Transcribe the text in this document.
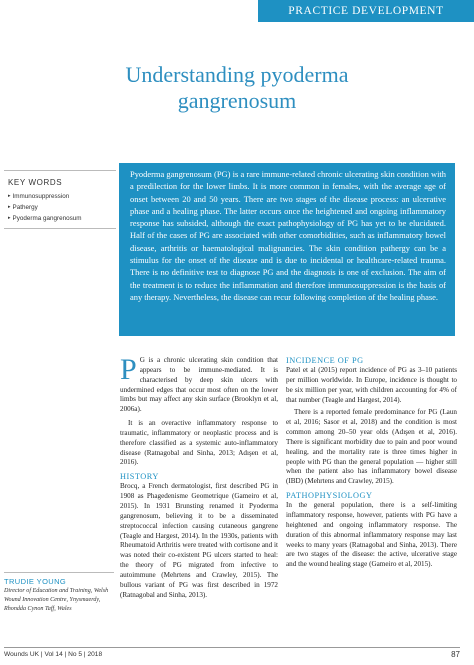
PRACTICE DEVELOPMENT
Understanding pyoderma
gangrenosum
KEY WORDS
▸ Immunosuppression
▸ Pathergy
▸ Pyoderma gangrenosum
Pyoderma gangrenosum (PG) is a rare immune-related chronic ulcerating skin condition with a predilection for the lower limbs. It is more common in females, with the average age of onset between 20 and 50 years. There are two stages of the disease process: an ulcerative phase and a healing phase. The latter occurs once the heightened and ongoing inflammatory response has subsided, although the exact pathophysiology of PG has yet to be elucidated. Half of the cases of PG are associated with other comorbidities, such as inflammatory bowel disease, arthritis or haematological malignancies. The skin condition pathergy can be a stimulus for the onset of the disease and is due to incidental or healthcare-related trauma. There is no definitive test to diagnose PG and the diagnosis is one of exclusion. The aim of the treatment is to reduce the inflammation and therefore immunosuppression is the basis of any therapy. Nevertheless, the disease can recur following completion of the healing phase.

P G is a chronic ulcerating skin condition that appears to be immune-mediated. It is characterised by deep skin ulcers with undermined edges that occur most often on the lower limbs but may affect any skin surface (Brooklyn et al, 2006a).

It is an overactive inflammatory response to traumatic, inflammatory or neoplastic process and is therefore classified as a systemic auto-inflammatory disease (Ratnagobal and Sinha, 2013; Adışen et al, 2016).

HISTORY

Brocq, a French dermatologist, first described PG in 1908 as Phagedenisme Geometrique (Gameiro et al, 2015). In 1931 Brunsting renamed it Pyoderma gangrenosum, believing it to be a disseminated streptococcal infection causing cutaneous gangrene (Teagle and Hargest, 2014). In the 1930s, patients with Rheumatoid Arthritis were treated with cortisone and it was noted their co-existent PG ulcers started to heal: the theory of PG migrated from infective to autoimmune (Mehrtens and Crawley, 2015). The bullous variant of PG was first described in 1972 (Ratnagobal and Sinha, 2013).

INCIDENCE OF PG

Patel et al (2015) report incidence of PG as 3–10 patients per million worldwide. In Europe, incidence is thought to be six million per year, with children accounting for 4% of that number (Teagle and Hargest, 2014).

There is a reported female predominance for PG (Laun et al, 2016; Sasor et al, 2018) and the condition is most common among 20–50 year olds (Adışen et al, 2016). There is significant morbidity due to pain and poor wound healing, and the mortality rate is three times higher in people with PG than the general population — higher still when the patient also has inflammatory bowel disease (IBD) (Mehrtens and Crawley, 2015).

PATHOPHYSIOLOGY

In the general population, there is a self-limiting inflammatory response, however, patients with PG have a heightened and ongoing inflammatory response. The duration of this abnormal inflammatory response may last weeks to many years (Ratnagobal and Sinha, 2013). There are two stages of the disease: the active, ulcerative stage and the wound healing stage (Gameiro et al, 2015).

TRUDIE YOUNG
Director of Education and Training, Welsh Wound Innovation Centre, Ynysmaerdy, Rhondda Cynon Taff, Wales
Wounds UK | Vol 14 | No 5 | 2018	87
